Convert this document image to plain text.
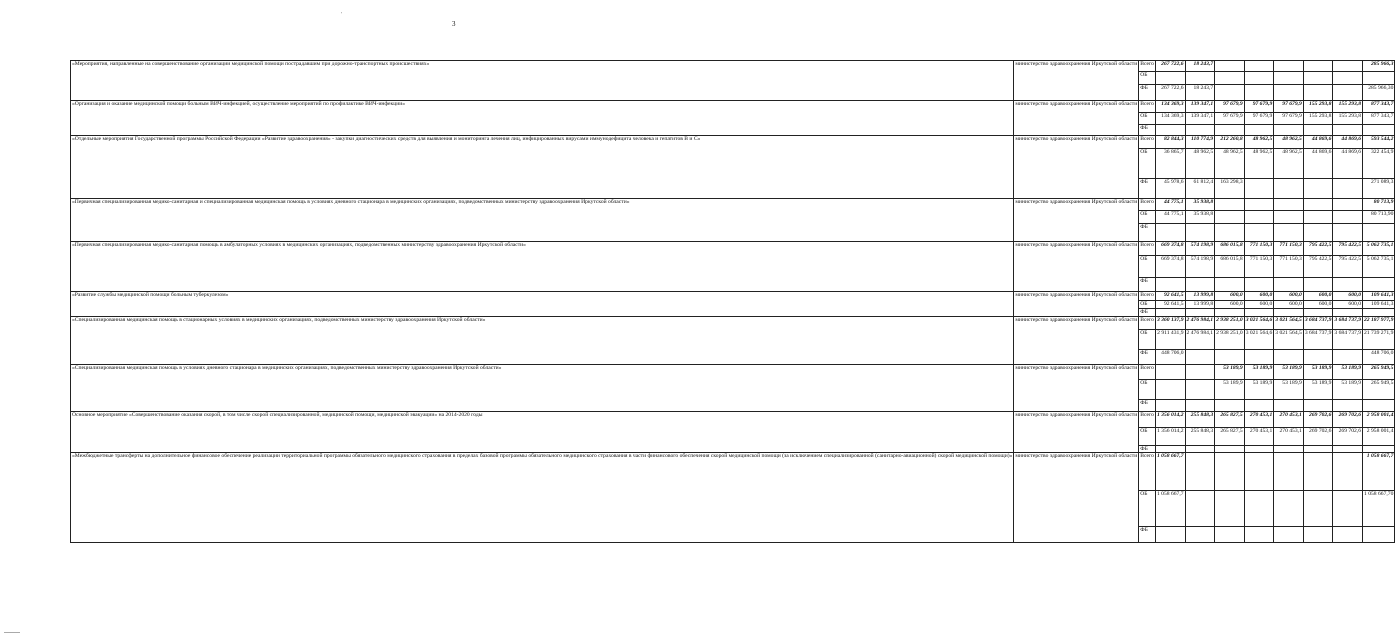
'
3
«Мероприятия, направленные на совершенствование организации медицинской помощи пострадавшим при дорожно-транспортных происшествиях»	министерство здравоохранения Иркутской области	Всего	267 722,6	18 243,7						285 966,3
		ОБ								
		ФБ	267 722,6	18 243,7						285 966,30
«Организация и оказание медицинской помощи больным ВИЧ-инфекцией, осуществление мероприятий по профилактике ВИЧ-инфекции»	министерство здравоохранения Иркутской области	Всего	134 369,3	139 347,1	97 679,9	97 679,9	97 679,9	155 293,8	155 293,8	877 343,7
		ОБ	134 369,3	139 347,1	97 679,9	97 679,9	97 679,9	155 293,8	155 293,8	877 343,7
		ФБ								
«Отдельные мероприятия Государственной программы Российской Федерации «Развитие здравоохранения» - закупки диагностических средств для выявления и мониторинга лечения лиц, инфицированных вирусами иммунодефицита человека и гепатитов В и С»	министерство здравоохранения Иркутской области	Всего	82 844,3	110 774,9	212 260,8	48 962,5	48 962,5	44 869,6	44 869,6	593 544,2
		ОБ	36 865,7	48 962,5	48 962,5	48 962,5	48 962,5	44 869,6	44 869,6	322 454,9
		ФБ	45 978,6	61 812,4	163 298,3					271 089,3
«Первичная специализированная медико-санитарная и специализированная медицинская помощь в условиях дневного стационара в медицинских организациях, подведомственных министерству здравоохранения Иркутской области»	министерство здравоохранения Иркутской области	Всего	44 775,1	35 938,8						80 713,9
		ОБ	44 775,1	35 938,8						80 713,90
		ФБ								
«Первичная специализированная медико-санитарная помощь в амбулаторных условиях в медицинских организациях, подведомственных министерству здравоохранения Иркутской области»	министерство здравоохранения Иркутской области	Всего	669 374,8	574 198,9	686 015,8	771 150,3	771 150,3	795 422,5	795 422,5	5 062 735,1
		ОБ	669 374,8	574 198,9	686 015,8	771 150,3	771 150,3	795 422,5	795 422,5	5 062 735,1
		ФБ								
«Развитие службы медицинской помощи больным туберкулезом»	министерство здравоохранения Иркутской области	Всего	92 641,5	13 999,8	600,0	600,0	600,0	600,0	600,0	109 641,3
		ОБ	92 641,5	13 999,8	600,0	600,0	600,0	600,0	600,0	109 641,3
		ФБ								
«Специализированная медицинская помощь в стационарных условиях в медицинских организациях, подведомственных министерству здравоохранения Иркутской области»	министерство здравоохранения Иркутской области	Всего	3 360 137,9	2 476 984,1	2 938 251,0	3 021 564,6	3 021 564,5	3 684 737,9	3 684 737,9	22 187 977,9
		ОБ	2 911 431,9	2 476 984,1	2 938 251,0	3 021 564,6	3 021 564,5	3 684 737,9	3 684 737,9	21 739 271,9
		ФБ	448 706,0							448 706,0
«Специализированная медицинская помощь в условиях дневного стационара в медицинских организациях, подведомственных министерству здравоохранения Иркутской области»	министерство здравоохранения Иркутской области	Всего			53 189,9	53 189,9	53 189,9	53 189,9	53 189,9	265 949,5
		ОБ			53 189,9	53 189,9	53 189,9	53 189,9	53 189,9	265 949,5
		ФБ								
Основное мероприятие «Совершенствование оказания скорой, в том числе скорой специализированной, медицинской помощи, медицинской эвакуации» на 2014-2020 годы	министерство здравоохранения Иркутской области	Всего	1 356 014,2	255 848,3	265 827,5	270 453,1	270 453,1	269 702,6	269 702,6	2 958 001,4
		ОБ	1 356 014,2	255 848,3	265 827,5	270 453,1	270 453,1	269 702,6	269 702,6	2 958 001,4
		ФБ								
«Межбюджетные трансферты на дополнительное финансовое обеспечение реализации территориальной программы обязательного медицинского страхования в пределах базовой программы обязательного медицинского страхования в части финансового обеспечения скорой медицинской помощи (за исключением специализированной (санитарно-авиационной) скорой медицинской помощи)»	министерство здравоохранения Иркутской области	Всего	1 058 667,7							1 058 667,7
		ОБ	1 058 667,7							1 058 667,70
		ФБ								
